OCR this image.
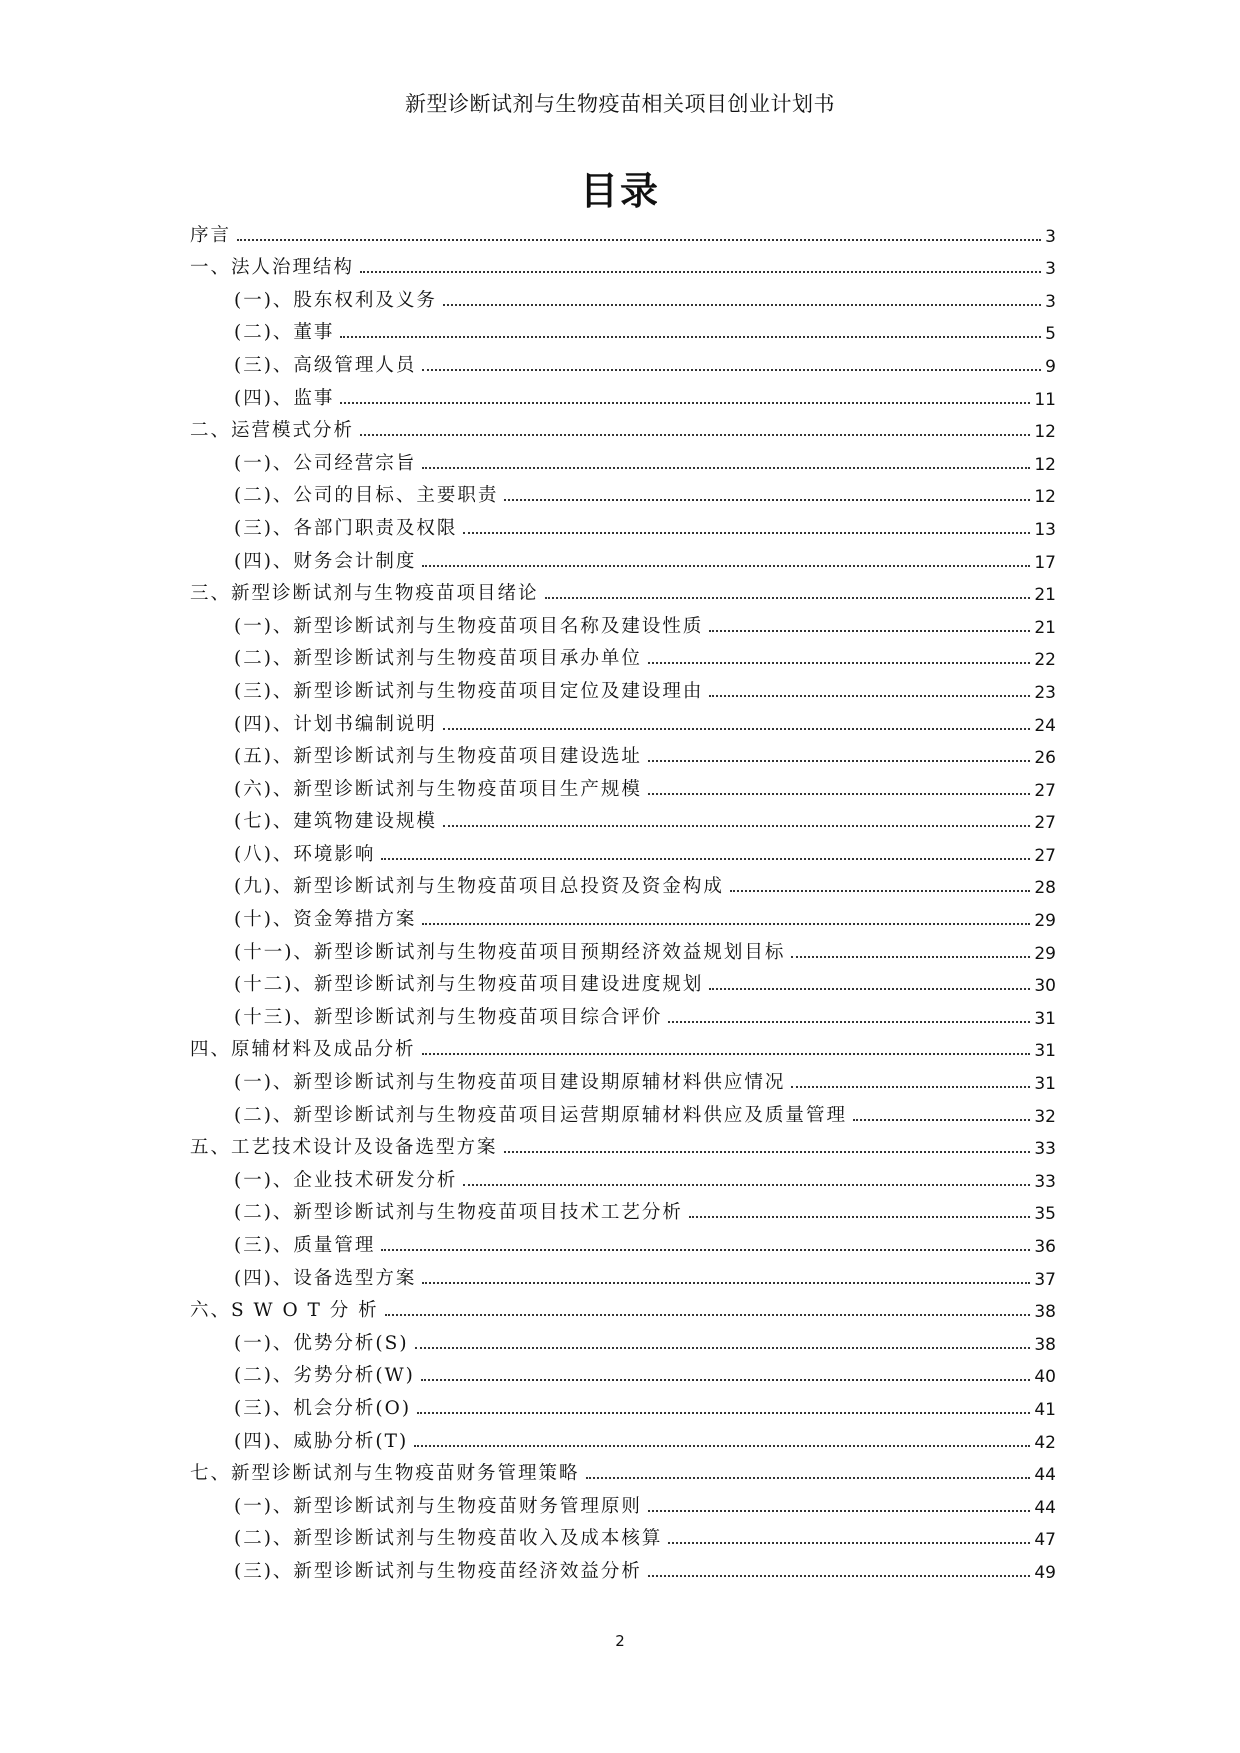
新型诊断试剂与生物疫苗相关项目创业计划书
目录
序言	3
一、法人治理结构	3
(一)、股东权利及义务	3
(二)、董事	5
(三)、高级管理人员	9
(四)、监事	11
二、运营模式分析	12
(一)、公司经营宗旨	12
(二)、公司的目标、主要职责	12
(三)、各部门职责及权限	13
(四)、财务会计制度	17
三、新型诊断试剂与生物疫苗项目绪论	21
(一)、新型诊断试剂与生物疫苗项目名称及建设性质	21
(二)、新型诊断试剂与生物疫苗项目承办单位	22
(三)、新型诊断试剂与生物疫苗项目定位及建设理由	23
(四)、计划书编制说明	24
(五)、新型诊断试剂与生物疫苗项目建设选址	26
(六)、新型诊断试剂与生物疫苗项目生产规模	27
(七)、建筑物建设规模	27
(八)、环境影响	27
(九)、新型诊断试剂与生物疫苗项目总投资及资金构成	28
(十)、资金筹措方案	29
(十一)、新型诊断试剂与生物疫苗项目预期经济效益规划目标	29
(十二)、新型诊断试剂与生物疫苗项目建设进度规划	30
(十三)、新型诊断试剂与生物疫苗项目综合评价	31
四、原辅材料及成品分析	31
(一)、新型诊断试剂与生物疫苗项目建设期原辅材料供应情况	31
(二)、新型诊断试剂与生物疫苗项目运营期原辅材料供应及质量管理	32
五、工艺技术设计及设备选型方案	33
(一)、企业技术研发分析	33
(二)、新型诊断试剂与生物疫苗项目技术工艺分析	35
(三)、质量管理	36
(四)、设备选型方案	37
六、S W O T 分 析	38
(一)、优势分析(S)	38
(二)、劣势分析(W)	40
(三)、机会分析(O)	41
(四)、威胁分析(T)	42
七、新型诊断试剂与生物疫苗财务管理策略	44
(一)、新型诊断试剂与生物疫苗财务管理原则	44
(二)、新型诊断试剂与生物疫苗收入及成本核算	47
(三)、新型诊断试剂与生物疫苗经济效益分析	49
2
